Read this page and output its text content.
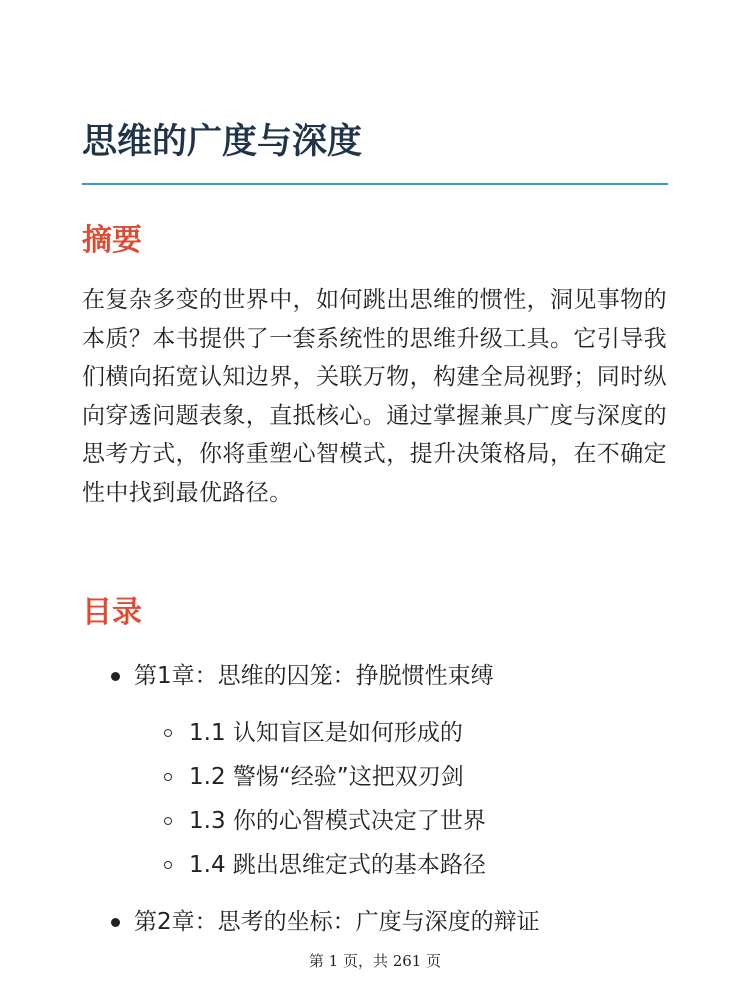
思维的广度与深度
摘要

在复杂多变的世界中，如何跳出思维的惯性，洞见事物的本质？本书提供了一套系统性的思维升级工具。它引导我们横向拓宽认知边界，关联万物，构建全局视野；同时纵向穿透问题表象，直抵核心。通过掌握兼具广度与深度的思考方式，你将重塑心智模式，提升决策格局，在不确定性中找到最优路径。

目录
第1章：思维的囚笼：挣脱惯性束缚
1.1 认知盲区是如何形成的
1.2 警惕“经验”这把双刃剑
1.3 你的心智模式决定了世界
1.4 跳出思维定式的基本路径
第2章：思考的坐标：广度与深度的辩证
第 1 页，共 261 页
